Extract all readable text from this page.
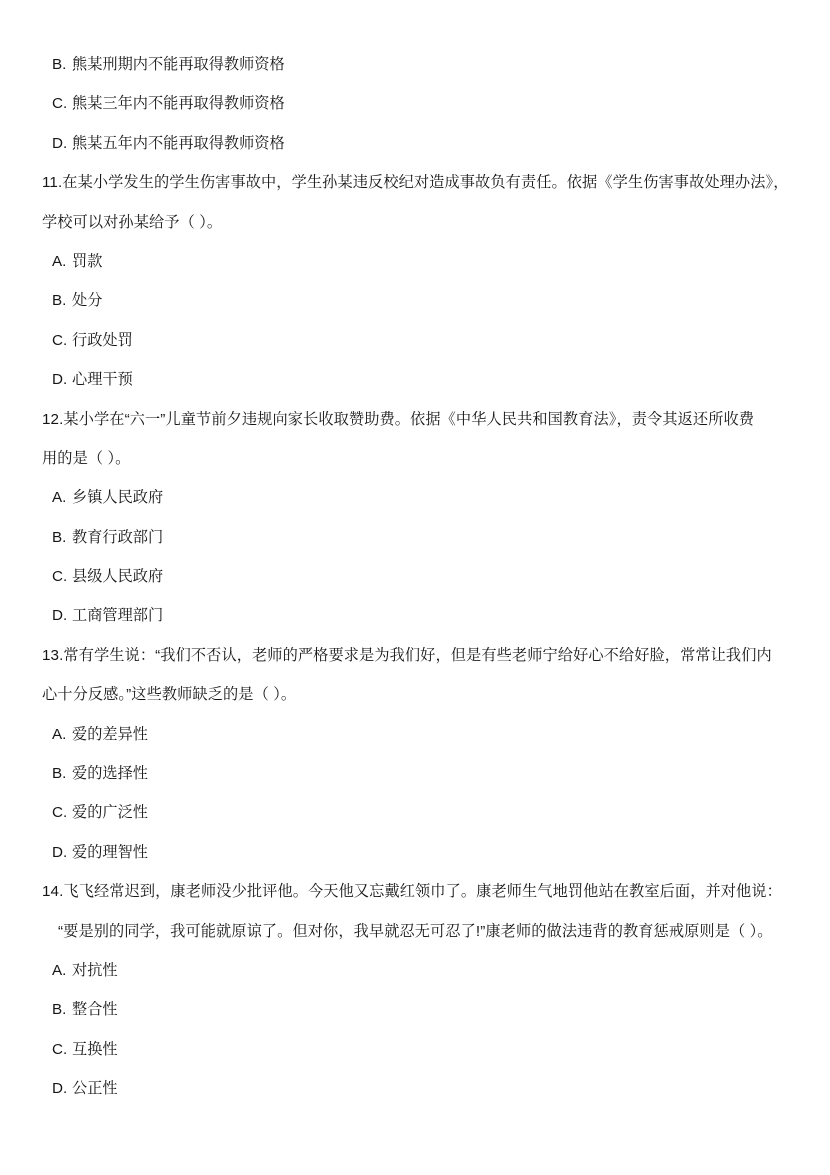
B. 熊某刑期内不能再取得教师资格
C. 熊某三年内不能再取得教师资格
D. 熊某五年内不能再取得教师资格
11.在某小学发生的学生伤害事故中，学生孙某违反校纪对造成事故负有责任。依据《学生伤害事故处理办法》，
学校可以对孙某给予（ ）。
A. 罚款
B. 处分
C. 行政处罚
D. 心理干预
12.某小学在“六一”儿童节前夕违规向家长收取赞助费。依据《中华人民共和国教育法》，责令其返还所收费
用的是（ ）。
A. 乡镇人民政府
B. 教育行政部门
C. 县级人民政府
D. 工商管理部门
13.常有学生说：“我们不否认，老师的严格要求是为我们好，但是有些老师宁给好心不给好脸，常常让我们内
心十分反感。”这些教师缺乏的是（ ）。
A. 爱的差异性
B. 爱的选择性
C. 爱的广泛性
D. 爱的理智性
14.飞飞经常迟到，康老师没少批评他。今天他又忘戴红领巾了。康老师生气地罚他站在教室后面，并对他说：
“要是别的同学，我可能就原谅了。但对你，我早就忍无可忍了!”康老师的做法违背的教育惩戒原则是（ ）。
A. 对抗性
B. 整合性
C. 互换性
D. 公正性
